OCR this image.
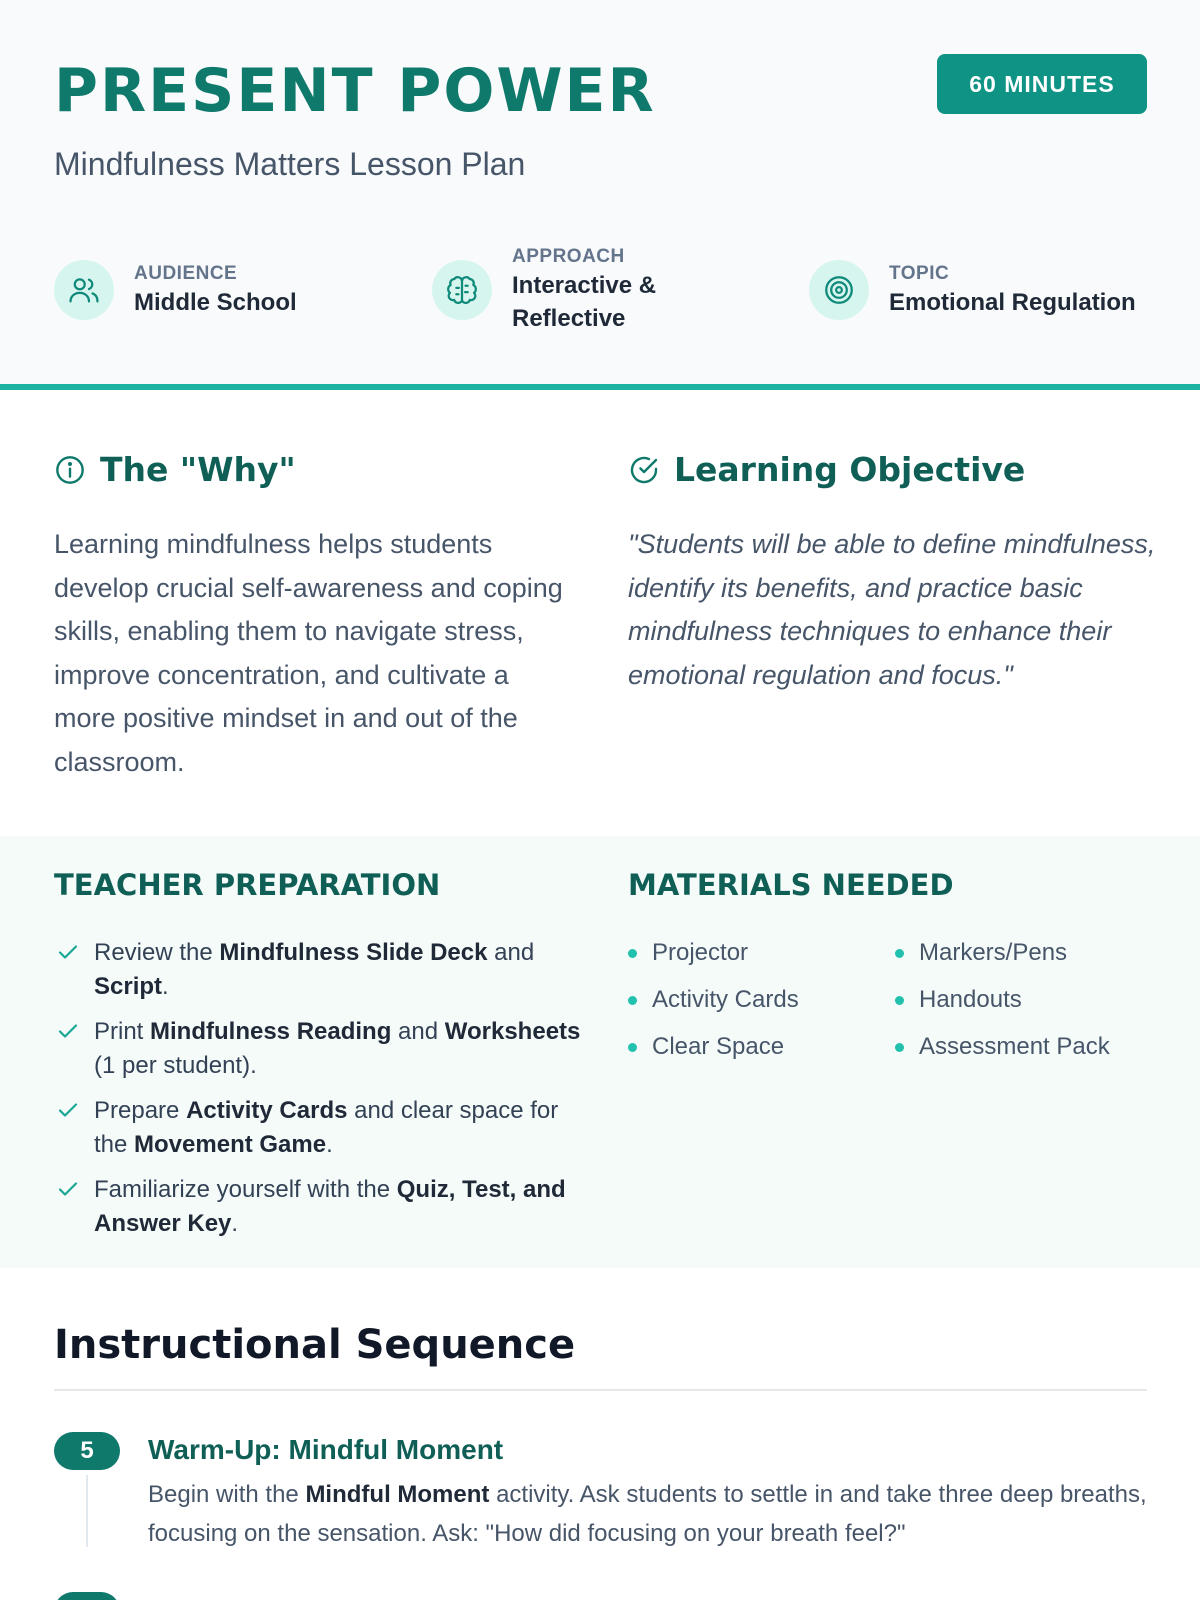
PRESENT POWER
Mindfulness Matters Lesson Plan
60 MINUTES
AUDIENCE
Middle School
APPROACH
Interactive &
Reflective
TOPIC
Emotional Regulation
The "Why"

Learning mindfulness helps students develop crucial self-awareness and coping skills, enabling them to navigate stress, improve concentration, and cultivate a more positive mindset in and out of the classroom.

Learning Objective

"Students will be able to define mindfulness, identify its benefits, and practice basic mindfulness techniques to enhance their emotional regulation and focus."

TEACHER PREPARATION
Review the Mindfulness Slide Deck and Script.
Print Mindfulness Reading and Worksheets (1 per student).
Prepare Activity Cards and clear space for the Movement Game.
Familiarize yourself with the Quiz, Test, and Answer Key.
MATERIALS NEEDED
Projector	Markers/Pens
Activity Cards	Handouts
Clear Space	Assessment Pack
Instructional Sequence
5	Warm-Up: Mindful Moment

Begin with the Mindful Moment activity. Ask students to settle in and take three deep breaths, focusing on the sensation. Ask: "How did focusing on your breath feel?"
